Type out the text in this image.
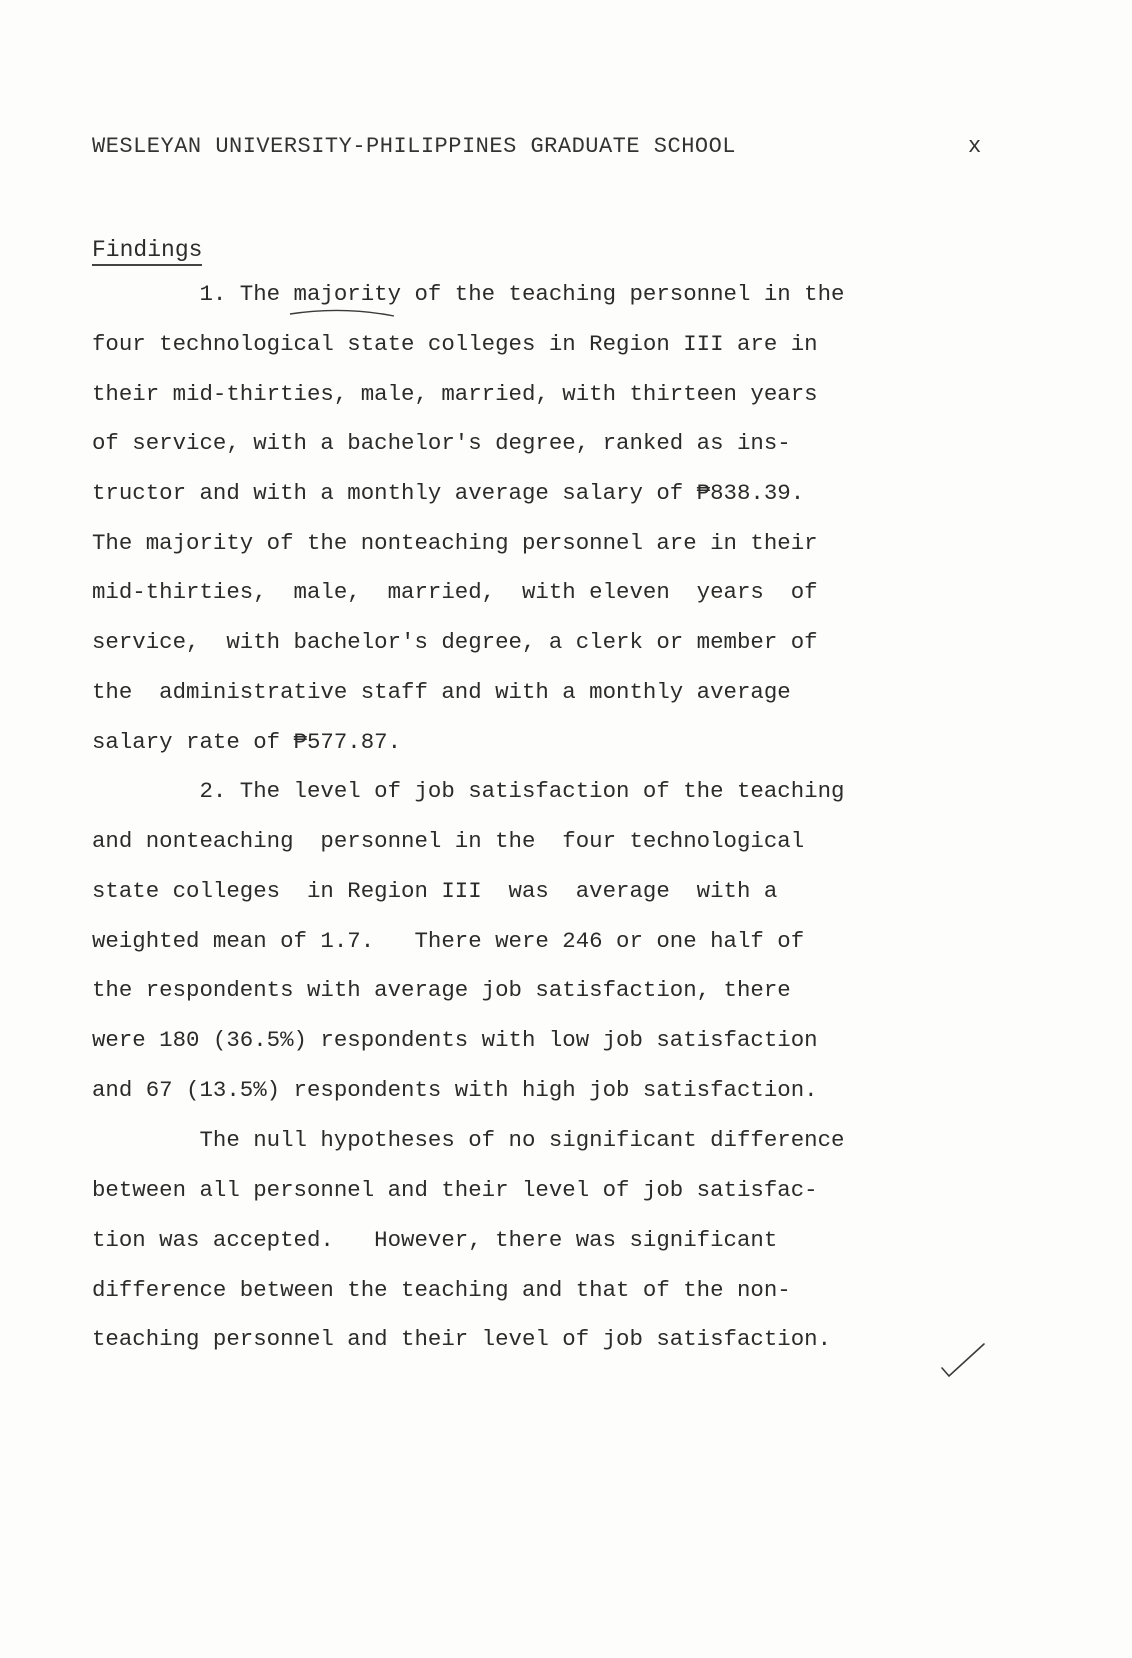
WESLEYAN UNIVERSITY-PHILIPPINES GRADUATE SCHOOL	x
Findings
1. The majority of the teaching personnel in the
four technological state colleges in Region III are in
their mid-thirties, male, married, with thirteen years
of service, with a bachelor's degree, ranked as ins-
tructor and with a monthly average salary of ₱838.39.
The majority of the nonteaching personnel are in their
mid-thirties,  male,  married,  with eleven  years  of
service,  with bachelor's degree, a clerk or member of
the  administrative staff and with a monthly average
salary rate of ₱577.87.
2. The level of job satisfaction of the teaching
and nonteaching  personnel in the  four technological
state colleges  in Region III  was  average  with a
weighted mean of 1.7.   There were 246 or one half of
the respondents with average job satisfaction, there
were 180 (36.5%) respondents with low job satisfaction
and 67 (13.5%) respondents with high job satisfaction.
The null hypotheses of no significant difference
between all personnel and their level of job satisfac-
tion was accepted.   However, there was significant
difference between the teaching and that of the non-
teaching personnel and their level of job satisfaction.
